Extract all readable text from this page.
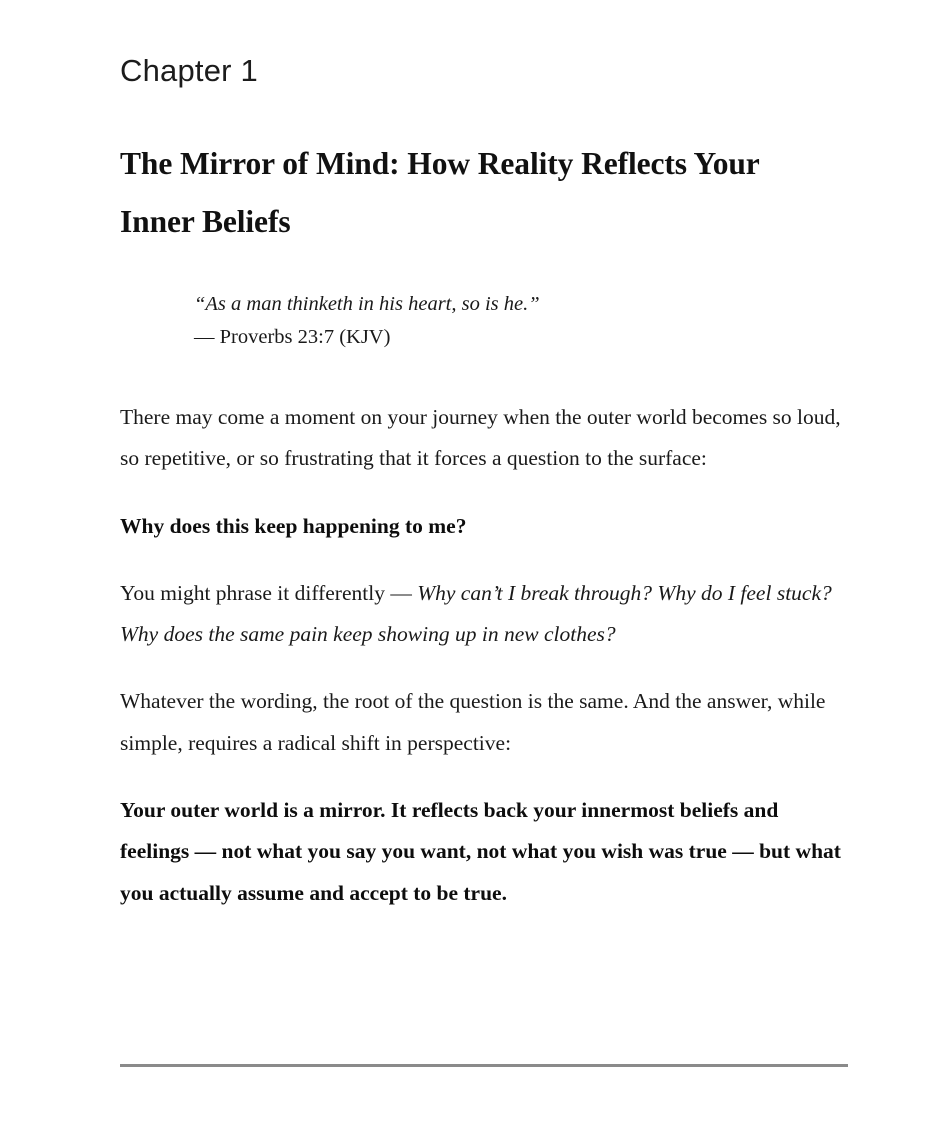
Chapter 1
The Mirror of Mind: How Reality Reflects Your Inner Beliefs

“As a man thinketh in his heart, so is he.”

— Proverbs 23:7 (KJV)

There may come a moment on your journey when the outer world becomes so loud, so repetitive, or so frustrating that it forces a question to the surface:

Why does this keep happening to me?

You might phrase it differently — Why can’t I break through? Why do I feel stuck? Why does the same pain keep showing up in new clothes?

Whatever the wording, the root of the question is the same. And the answer, while simple, requires a radical shift in perspective:

Your outer world is a mirror. It reflects back your innermost beliefs and feelings — not what you say you want, not what you wish was true — but what you actually assume and accept to be true.
